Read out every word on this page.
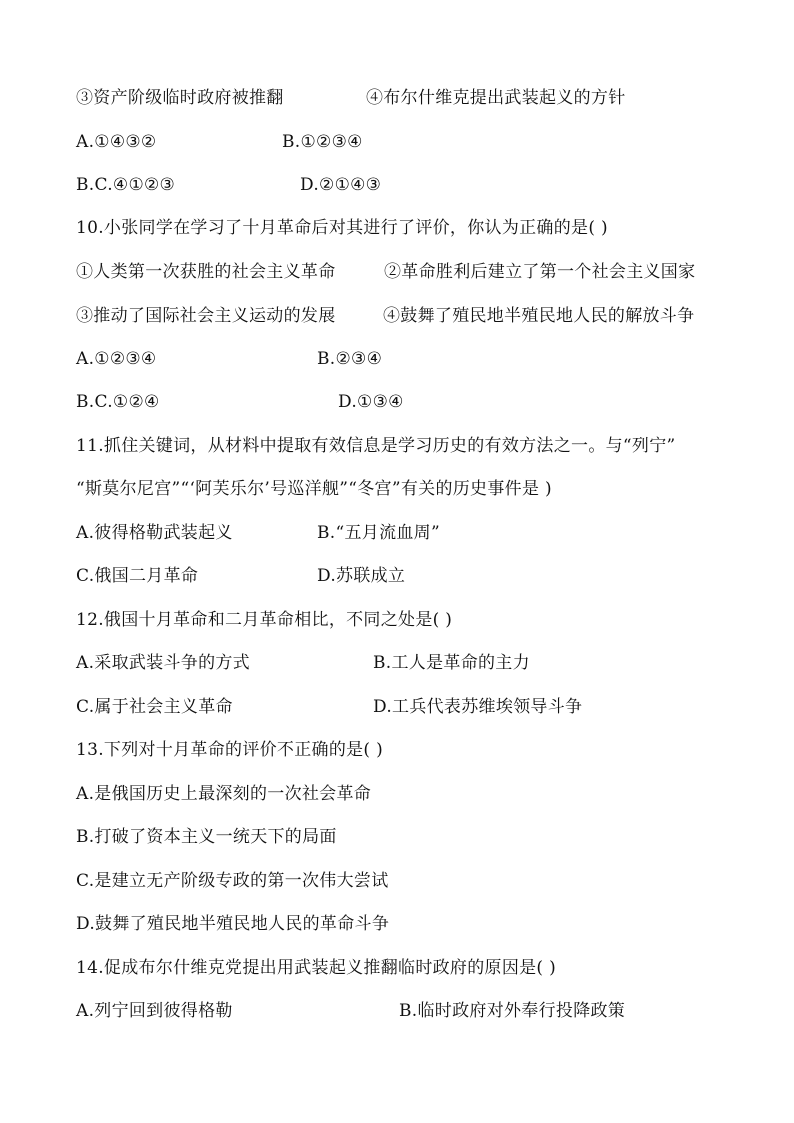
③资产阶级临时政府被推翻	④布尔什维克提出武装起义的方针
A.①④③②	B.①②③④
B.C.④①②③	D.②①④③
10.小张同学在学习了十月革命后对其进行了评价，你认为正确的是( )
①人类第一次获胜的社会主义革命	②革命胜利后建立了第一个社会主义国家
③推动了国际社会主义运动的发展	④鼓舞了殖民地半殖民地人民的解放斗争
A.①②③④	B.②③④
B.C.①②④	D.①③④
11.抓住关键词，从材料中提取有效信息是学习历史的有效方法之一。与“列宁”
“斯莫尔尼宫”“‘阿芙乐尔’号巡洋舰”“冬宫”有关的历史事件是 )
A.彼得格勒武装起义	B.“五月流血周”
C.俄国二月革命	D.苏联成立
12.俄国十月革命和二月革命相比，不同之处是( )
A.采取武装斗争的方式	B.工人是革命的主力
C.属于社会主义革命	D.工兵代表苏维埃领导斗争
13.下列对十月革命的评价不正确的是( )
A.是俄国历史上最深刻的一次社会革命
B.打破了资本主义一统天下的局面
C.是建立无产阶级专政的第一次伟大尝试
D.鼓舞了殖民地半殖民地人民的革命斗争
14.促成布尔什维克党提出用武装起义推翻临时政府的原因是( )
A.列宁回到彼得格勒	B.临时政府对外奉行投降政策
